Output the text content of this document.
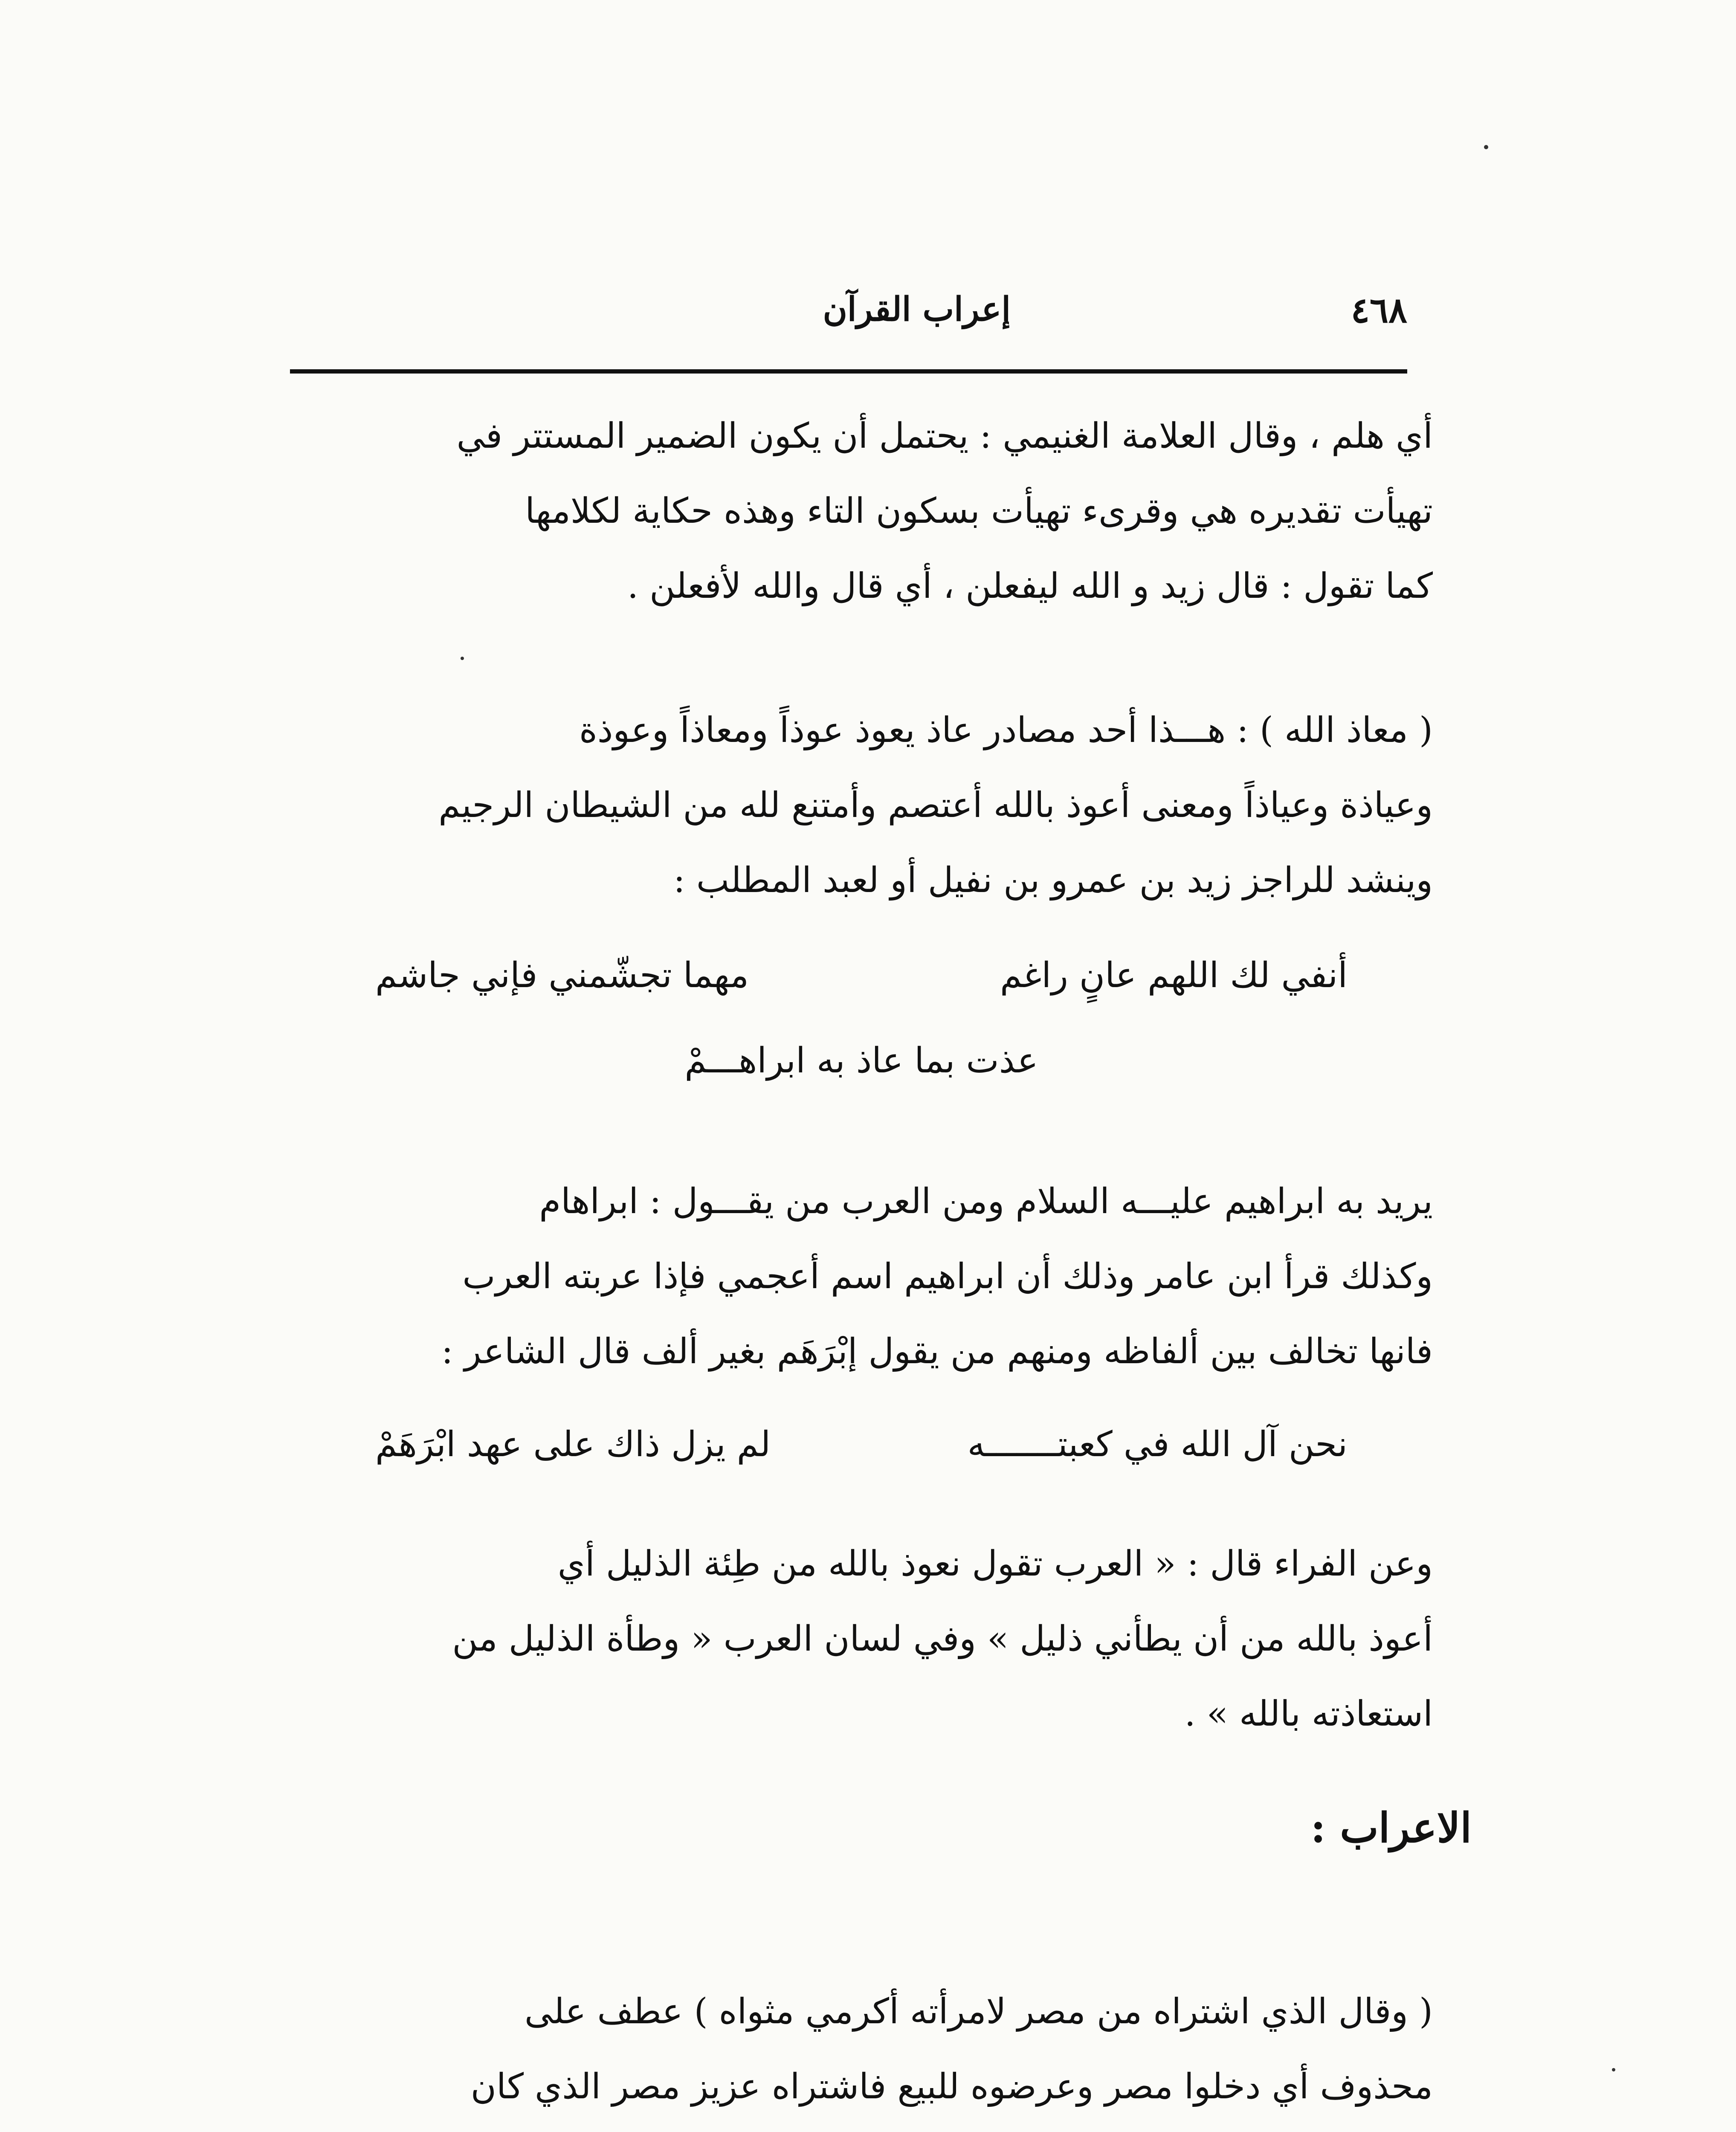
٤٦٨
إعراب القرآن
أي هلم ، وقال العلامة الغنيمي : يحتمل أن يكون الضمير المستتر في
تهيأت تقديره هي وقرىء تهيأت بسكون التاء وهذه حكاية لكلامها
كما تقول : قال زيد و الله ليفعلن ، أي قال والله لأفعلن .
( معاذ الله ) : هـــذا أحد مصادر عاذ يعوذ عوذاً ومعاذاً وعوذة
وعياذة وعياذاً ومعنى أعوذ بالله أعتصم وأمتنع لله من الشيطان الرجيم
وينشد للراجز زيد بن عمرو بن نفيل أو لعبد المطلب :
أنفي لك اللهم عانٍ راغم
مهما تجشّمني فإني جاشم
عذت بما عاذ به ابراهـــمْ
يريد به ابراهيم عليـــه السلام ومن العرب من يقـــول : ابراهام
وكذلك قرأ ابن عامر وذلك أن ابراهيم اسم أعجمي فإذا عربته العرب
فانها تخالف بين ألفاظه ومنهم من يقول إبْرَهَم بغير ألف قال الشاعر :
نحن آل الله في كعبتـــــــه
لم يزل ذاك على عهد ابْرَهَمْ
وعن الفراء قال : « العرب تقول نعوذ بالله من طِئة الذليل أي
أعوذ بالله من أن يطأني ذليل » وفي لسان العرب « وطأة الذليل من
استعاذته بالله » .
الاعراب :
( وقال الذي اشتراه من مصر لامرأته أكرمي مثواه ) عطف على
محذوف أي دخلوا مصر وعرضوه للبيع فاشتراه عزيز مصر الذي كان
